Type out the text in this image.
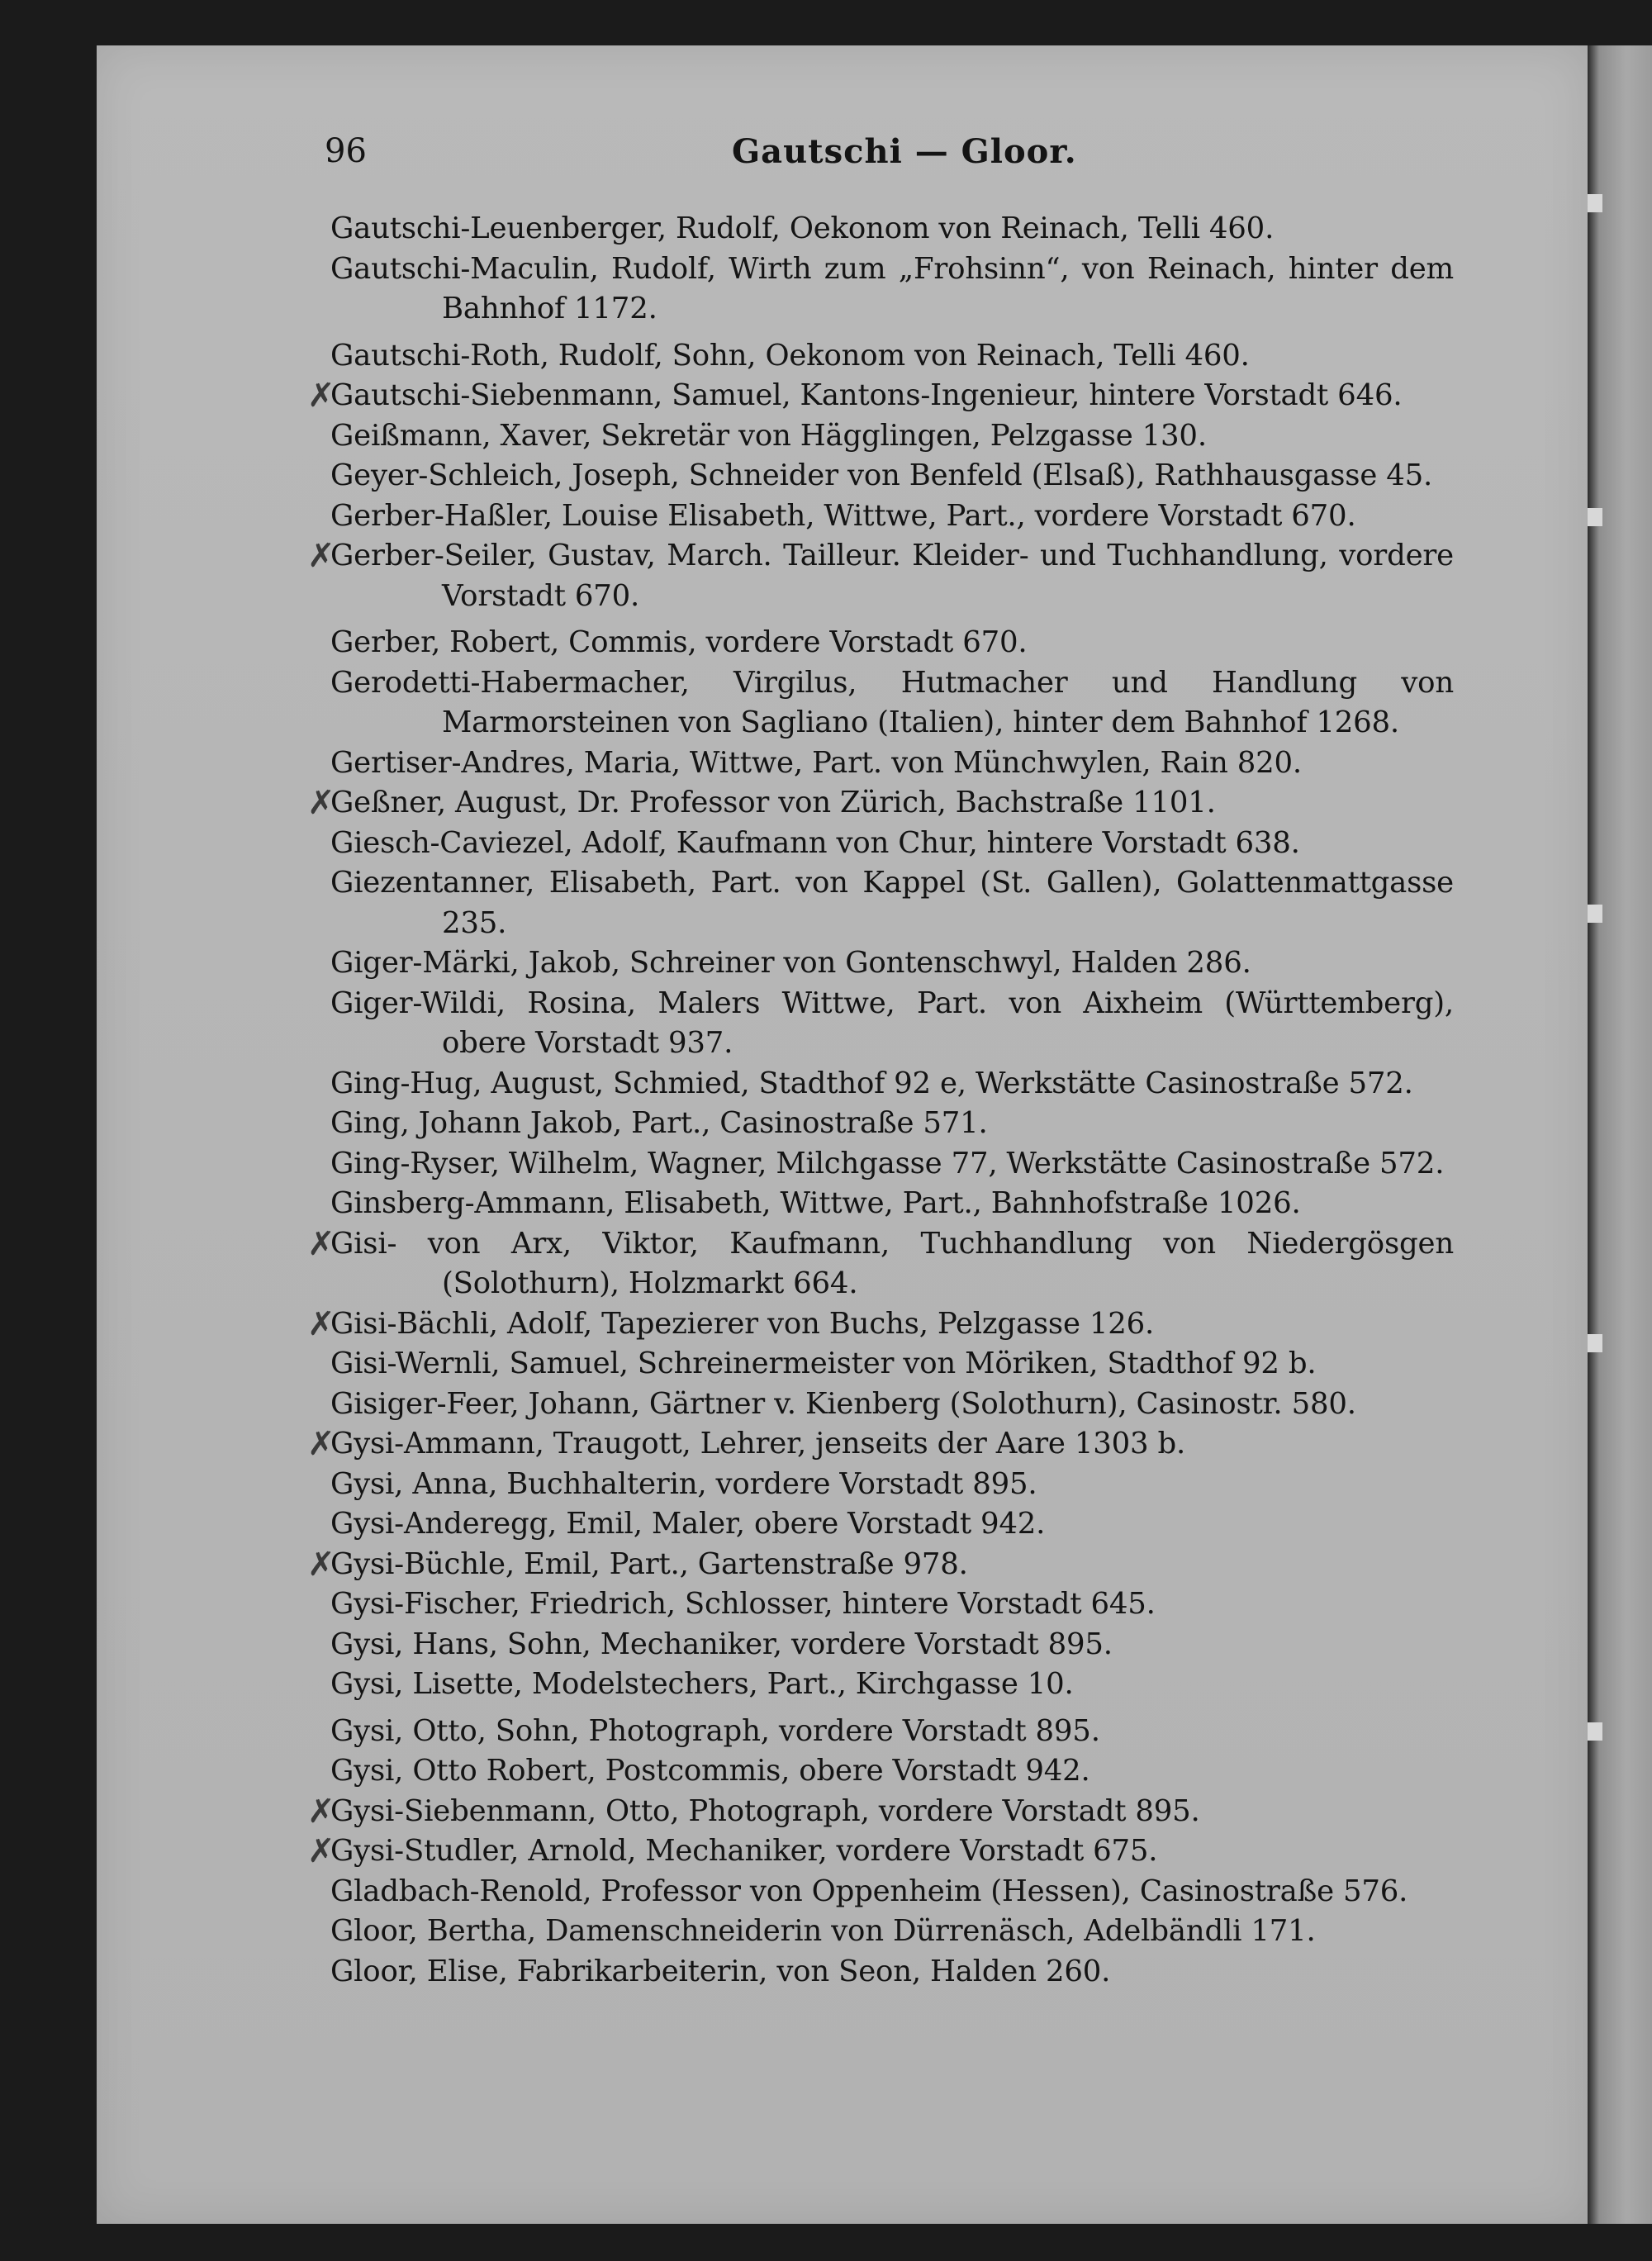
96	Gautschi — Gloor.
Gautschi-Leuenberger, Rudolf, Oekonom von Reinach, Telli 460.
Gautschi-Maculin, Rudolf, Wirth zum „Frohsinn“, von Reinach, hinter dem Bahnhof 1172.
Gautschi-Roth, Rudolf, Sohn, Oekonom von Reinach, Telli 460.
✗
Gautschi-Siebenmann, Samuel, Kantons-Ingenieur, hintere Vorstadt 646.
Geißmann, Xaver, Sekretär von Hägglingen, Pelzgasse 130.
Geyer-Schleich, Joseph, Schneider von Benfeld (Elsaß), Rathhausgasse 45.
Gerber-Haßler, Louise Elisabeth, Wittwe, Part., vordere Vorstadt 670.
✗
Gerber-Seiler, Gustav, March. Tailleur. Kleider- und Tuchhandlung, vordere Vorstadt 670.
Gerber, Robert, Commis, vordere Vorstadt 670.
Gerodetti-Habermacher, Virgilus, Hutmacher und Handlung von Marmorsteinen von Sagliano (Italien), hinter dem Bahnhof 1268.
Gertiser-Andres, Maria, Wittwe, Part. von Münchwylen, Rain 820.
✗
Geßner, August, Dr. Professor von Zürich, Bachstraße 1101.
Giesch-Caviezel, Adolf, Kaufmann von Chur, hintere Vorstadt 638.
Giezentanner, Elisabeth, Part. von Kappel (St. Gallen), Golattenmattgasse 235.
Giger-Märki, Jakob, Schreiner von Gontenschwyl, Halden 286.
Giger-Wildi, Rosina, Malers Wittwe, Part. von Aixheim (Württemberg), obere Vorstadt 937.
Ging-Hug, August, Schmied, Stadthof 92 e, Werkstätte Casinostraße 572.
Ging, Johann Jakob, Part., Casinostraße 571.
Ging-Ryser, Wilhelm, Wagner, Milchgasse 77, Werkstätte Casinostraße 572.
Ginsberg-Ammann, Elisabeth, Wittwe, Part., Bahnhofstraße 1026.
✗
Gisi- von Arx, Viktor, Kaufmann, Tuchhandlung von Niedergösgen (Solothurn), Holzmarkt 664.
✗
Gisi-Bächli, Adolf, Tapezierer von Buchs, Pelzgasse 126.
Gisi-Wernli, Samuel, Schreinermeister von Möriken, Stadthof 92 b.
Gisiger-Feer, Johann, Gärtner v. Kienberg (Solothurn), Casinostr. 580.
✗
Gysi-Ammann, Traugott, Lehrer, jenseits der Aare 1303 b.
Gysi, Anna, Buchhalterin, vordere Vorstadt 895.
Gysi-Anderegg, Emil, Maler, obere Vorstadt 942.
✗
Gysi-Büchle, Emil, Part., Gartenstraße 978.
Gysi-Fischer, Friedrich, Schlosser, hintere Vorstadt 645.
Gysi, Hans, Sohn, Mechaniker, vordere Vorstadt 895.
Gysi, Lisette, Modelstechers, Part., Kirchgasse 10.
Gysi, Otto, Sohn, Photograph, vordere Vorstadt 895.
Gysi, Otto Robert, Postcommis, obere Vorstadt 942.
✗
Gysi-Siebenmann, Otto, Photograph, vordere Vorstadt 895.
✗
Gysi-Studler, Arnold, Mechaniker, vordere Vorstadt 675.
Gladbach-Renold, Professor von Oppenheim (Hessen), Casinostraße 576.
Gloor, Bertha, Damenschneiderin von Dürrenäsch, Adelbändli 171.
Gloor, Elise, Fabrikarbeiterin, von Seon, Halden 260.
